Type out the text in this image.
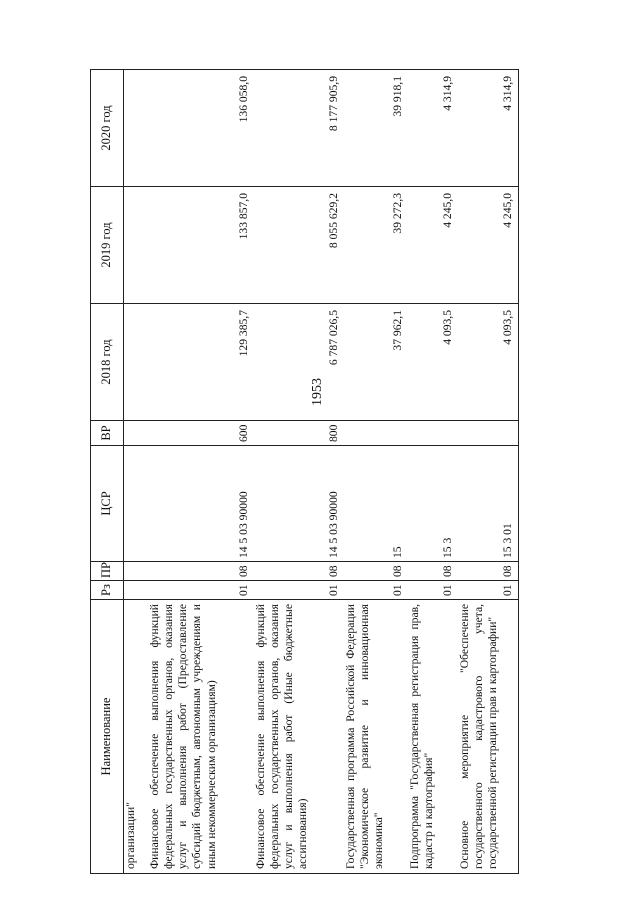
1953
Наименование	Рз	ПР	ЦСР	ВР	2018 год	2019 год	2020 год
организации"							
Финансовое обеспечение выполнения функций федеральных государственных органов, оказания услуг и выполнения работ (Предоставление субсидий бюджетным, автономным учреждениям и иным некоммерческим организациям)	01	08	14 5 03 90000	600	129 385,7	133 857,0	136 058,0
Финансовое обеспечение выполнения функций федеральных государственных органов, оказания услуг и выполнения работ (Иные бюджетные ассигнования)	01	08	14 5 03 90000	800	6 787 026,5	8 055 629,2	8 177 905,9
Государственная программа Российской Федерации "Экономическое развитие и инновационная экономика"	01	08	15		37 962,1	39 272,3	39 918,1
Подпрограмма "Государственная регистрация прав, кадастр и картография"	01	08	15 3		4 093,5	4 245,0	4 314,9
Основное мероприятие "Обеспечение государственного кадастрового учета, государственной регистрации прав и картографии"	01	08	15 3 01		4 093,5	4 245,0	4 314,9
